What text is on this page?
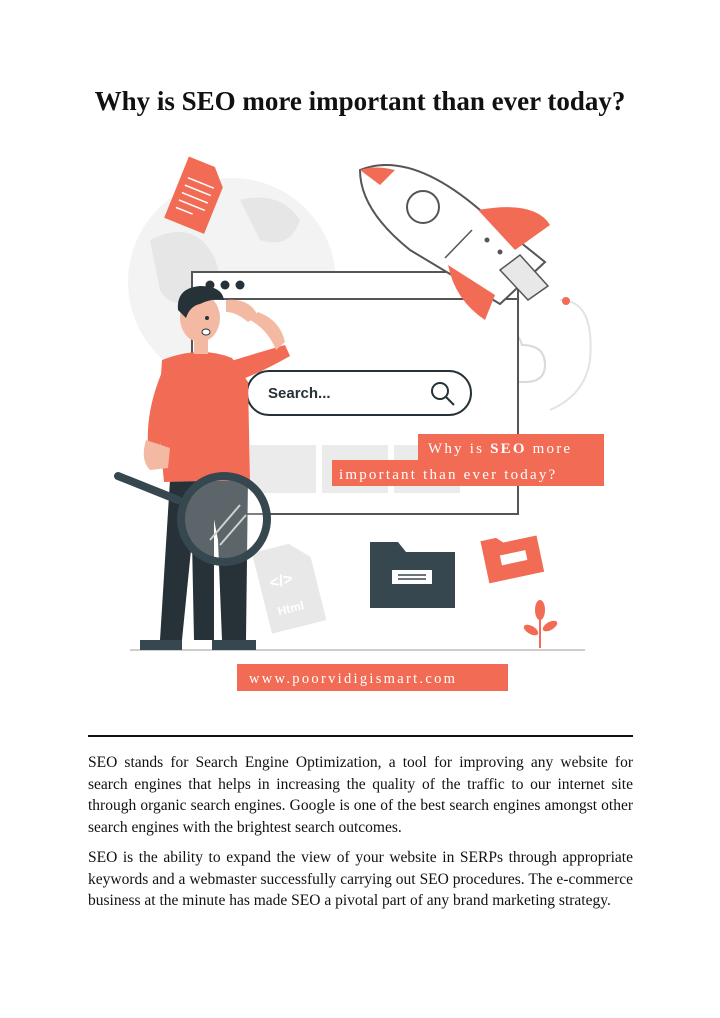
Why is SEO more important than ever today?
Search...
Why is SEO more
important than ever today?
</>
Html
www.poorvidigismart.com

SEO stands for Search Engine Optimization, a tool for improving any website for search engines that helps in increasing the quality of the traffic to our internet site through organic search engines. Google is one of the best search engines amongst other search engines with the brightest search outcomes.

SEO is the ability to expand the view of your website in SERPs through appropriate keywords and a webmaster successfully carrying out SEO procedures. The e-commerce business at the minute has made SEO a pivotal part of any brand marketing strategy.
